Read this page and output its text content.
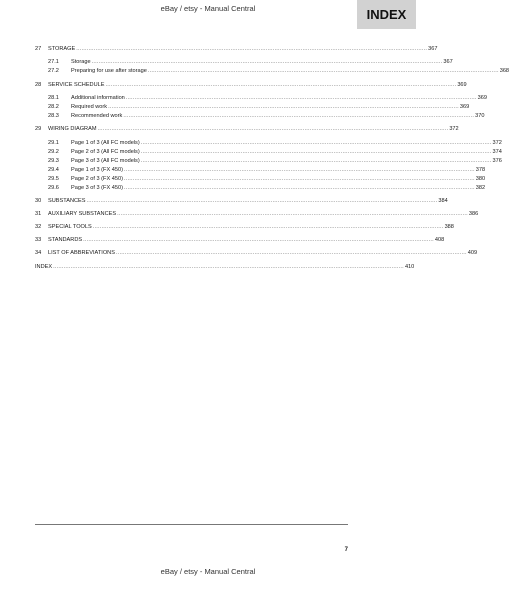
eBay / etsy - Manual Central	INDEX
27 STORAGE ........................................................................................................................................................................................................ 367
27.1 Storage ........................................................................................................................................................................................................ 367
27.2 Preparing for use after storage ........................................................................................................................................................................................................ 368
28 SERVICE SCHEDULE ........................................................................................................................................................................................................ 369
28.1 Additional information ........................................................................................................................................................................................................ 369
28.2 Required work ........................................................................................................................................................................................................ 369
28.3 Recommended work ........................................................................................................................................................................................................ 370
29 WIRING DIAGRAM ........................................................................................................................................................................................................ 372
29.1 Page 1 of 3 (All FC models) ........................................................................................................................................................................................................ 372
29.2 Page 2 of 3 (All FC models) ........................................................................................................................................................................................................ 374
29.3 Page 3 of 3 (All FC models) ........................................................................................................................................................................................................ 376
29.4 Page 1 of 3 (FX 450) ........................................................................................................................................................................................................ 378
29.5 Page 2 of 3 (FX 450) ........................................................................................................................................................................................................ 380
29.6 Page 3 of 3 (FX 450) ........................................................................................................................................................................................................ 382
30 SUBSTANCES ........................................................................................................................................................................................................ 384
31 AUXILIARY SUBSTANCES ........................................................................................................................................................................................................ 386
32 SPECIAL TOOLS ........................................................................................................................................................................................................ 388
33 STANDARDS ........................................................................................................................................................................................................ 408
34 LIST OF ABBREVIATIONS ........................................................................................................................................................................................................ 409
INDEX ........................................................................................................................................................................................................ 410
7
eBay / etsy - Manual Central
